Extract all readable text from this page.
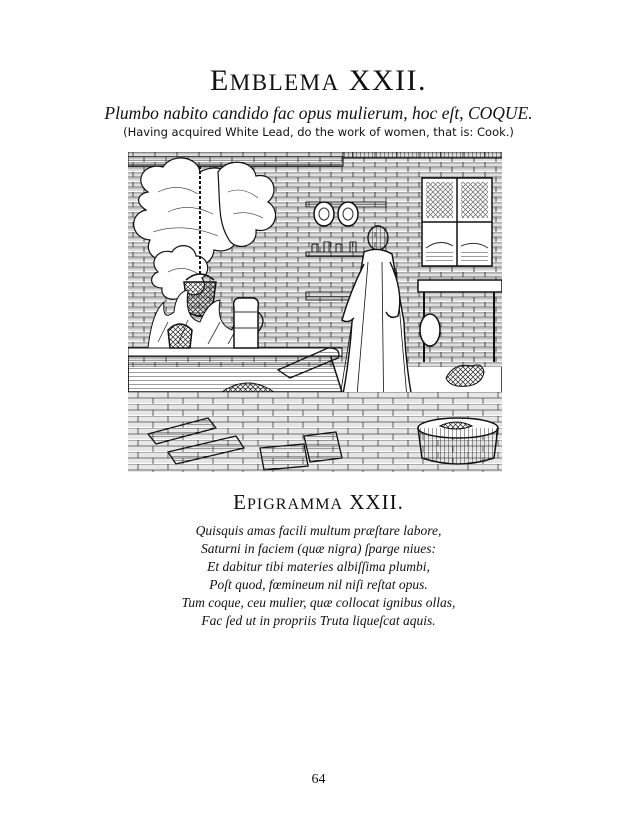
EMBLEMA XXII.
Plumbo nabito candido fac opus mulierum, hoc eſt, COQUE.
(Having acquired White Lead, do the work of women, that is: Cook.)
EPIGRAMMA XXII.
Quisquis amas facili multum præſtare labore,
Saturni in faciem (quæ nigra) ſparge niues:
Et dabitur tibi materies albiſſima plumbi,
Poſt quod, fœmineum nil niſi reſtat opus.
Tum coque, ceu mulier, quæ collocat ignibus ollas,
Fac ſed ut in propriis Truta liqueſcat aquis.
64
